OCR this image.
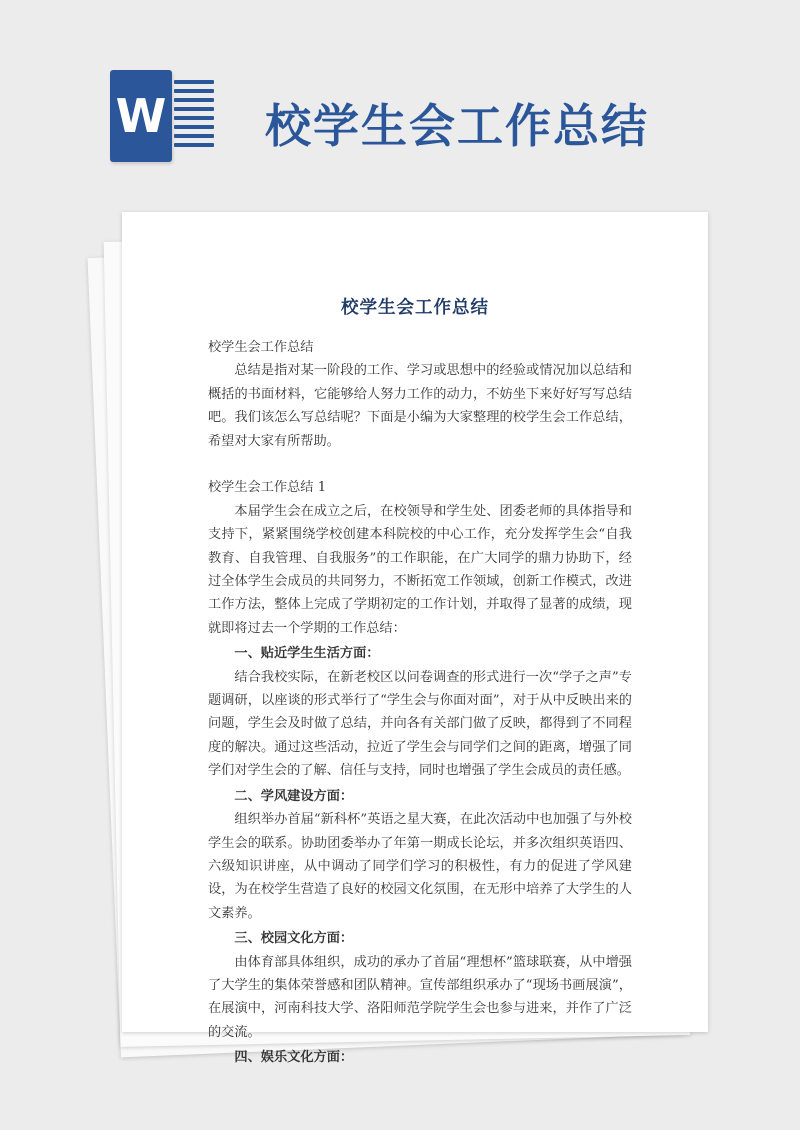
W 校学生会工作总结
校学生会工作总结

校学生会工作总结

总结是指对某一阶段的工作、学习或思想中的经验或情况加以总结和概括的书面材料，它能够给人努力工作的动力，不妨坐下来好好写写总结吧。我们该怎么写总结呢？下面是小编为大家整理的校学生会工作总结，希望对大家有所帮助。

校学生会工作总结 1

本届学生会在成立之后，在校领导和学生处、团委老师的具体指导和支持下，紧紧围绕学校创建本科院校的中心工作，充分发挥学生会“自我教育、自我管理、自我服务”的工作职能，在广大同学的鼎力协助下，经过全体学生会成员的共同努力，不断拓宽工作领域，创新工作模式，改进工作方法，整体上完成了学期初定的工作计划，并取得了显著的成绩，现就即将过去一个学期的工作总结：

一、贴近学生生活方面：

结合我校实际，在新老校区以问卷调查的形式进行一次“学子之声”专题调研，以座谈的形式举行了“学生会与你面对面”，对于从中反映出来的问题，学生会及时做了总结，并向各有关部门做了反映，都得到了不同程度的解决。通过这些活动，拉近了学生会与同学们之间的距离，增强了同学们对学生会的了解、信任与支持，同时也增强了学生会成员的责任感。

二、学风建设方面：

组织举办首届“新科杯”英语之星大赛，在此次活动中也加强了与外校学生会的联系。协助团委举办了年第一期成长论坛，并多次组织英语四、六级知识讲座，从中调动了同学们学习的积极性，有力的促进了学风建设，为在校学生营造了良好的校园文化氛围，在无形中培养了大学生的人文素养。

三、校园文化方面：

由体育部具体组织，成功的承办了首届“理想杯”篮球联赛，从中增强了大学生的集体荣誉感和团队精神。宣传部组织承办了“现场书画展演”，在展演中，河南科技大学、洛阳师范学院学生会也参与进来，并作了广泛的交流。

四、娱乐文化方面：
